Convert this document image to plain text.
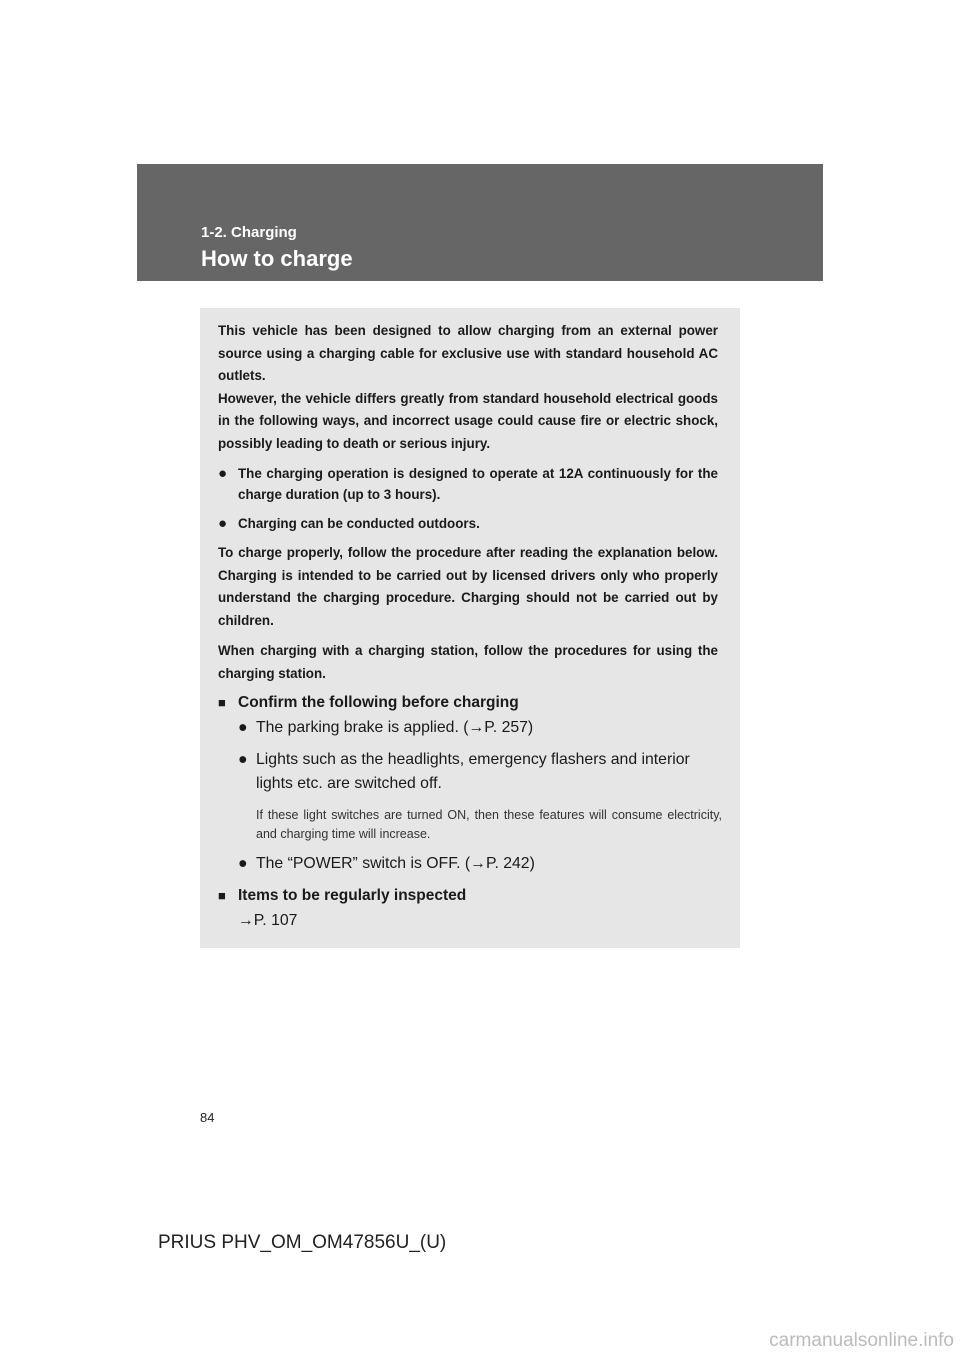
1-2. Charging
How to charge

This vehicle has been designed to allow charging from an external power source using a charging cable for exclusive use with standard household AC outlets.

However, the vehicle differs greatly from standard household electrical goods in the following ways, and incorrect usage could cause fire or electric shock, possibly leading to death or serious injury.

● The charging operation is designed to operate at 12A continuously for the charge duration (up to 3 hours).
● Charging can be conducted outdoors.

To charge properly, follow the procedure after reading the explanation below. Charging is intended to be carried out by licensed drivers only who properly understand the charging procedure. Charging should not be carried out by children.

When charging with a charging station, follow the procedures for using the charging station.

■ Confirm the following before charging
● The parking brake is applied. (→P. 257)
● Lights such as the headlights, emergency flashers and interior lights etc. are switched off.
If these light switches are turned ON, then these features will consume electricity, and charging time will increase.
● The “POWER” switch is OFF. (→P. 242)
■ Items to be regularly inspected
→P. 107
84
PRIUS PHV_OM_OM47856U_(U)
carmanualsonline.info
